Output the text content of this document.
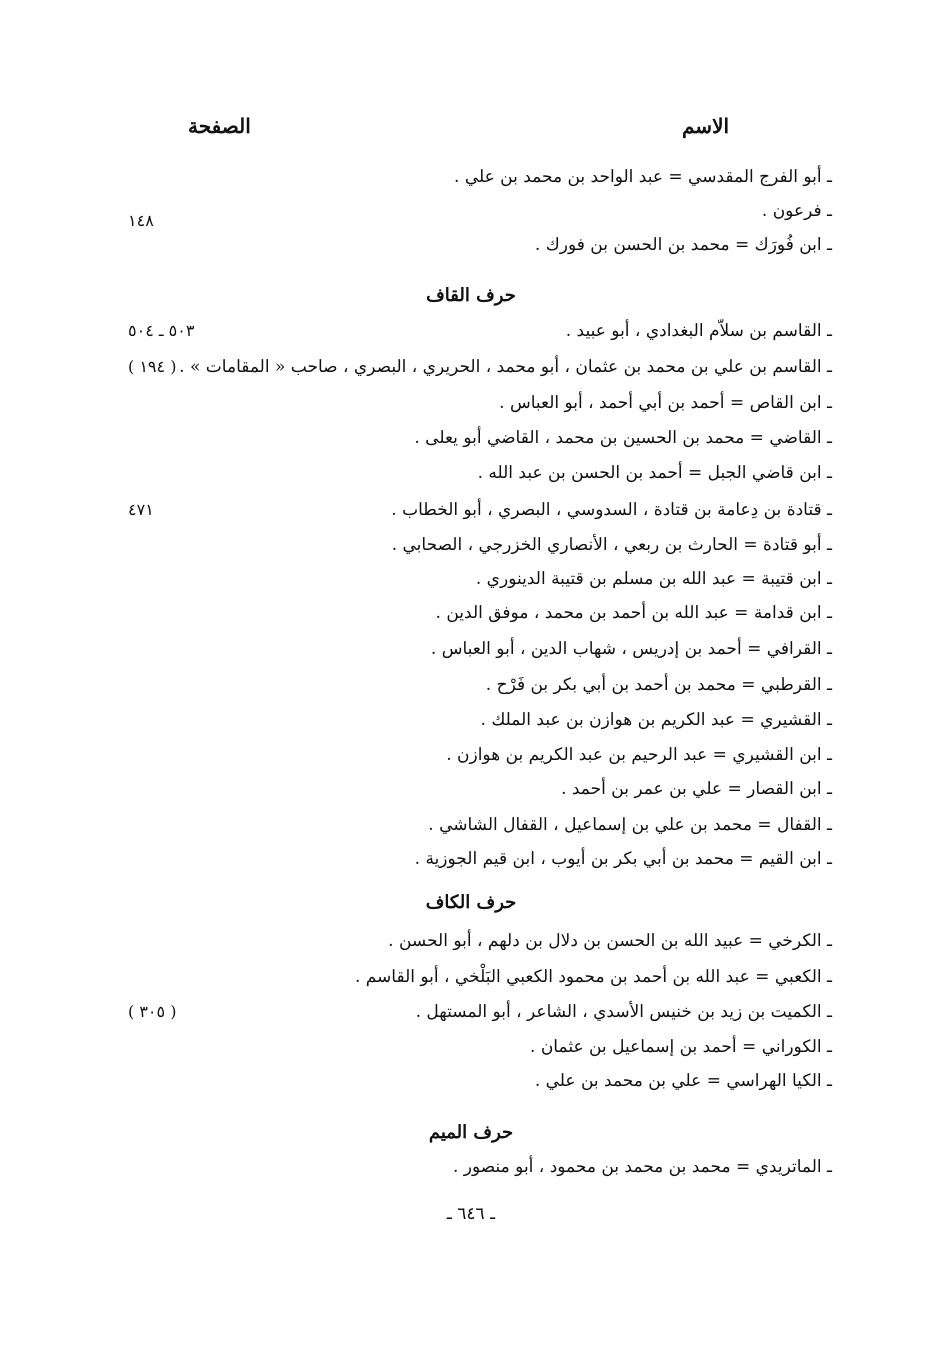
الاسم
الصفحة
ـ أبو الفرج المقدسي = عبد الواحد بن محمد بن علي .
ـ فرعون .
١٤٨
ـ ابن فُورَك = محمد بن الحسن بن فورك .
حرف القاف
ـ القاسم بن سلاّم البغدادي ، أبو عبيد .
٥٠٣ ـ ٥٠٤
ـ القاسم بن علي بن محمد بن عثمان ، أبو محمد ، الحريري ، البصري ، صاحب « المقامات » .
( ١٩٤ )
ـ ابن القاص = أحمد بن أبي أحمد ، أبو العباس .
ـ القاضي = محمد بن الحسين بن محمد ، القاضي أبو يعلى .
ـ ابن قاضي الجبل = أحمد بن الحسن بن عبد الله .
ـ قتادة بن دِعامة بن قتادة ، السدوسي ، البصري ، أبو الخطاب .
٤٧١
ـ أبو قتادة = الحارث بن ربعي ، الأنصاري الخزرجي ، الصحابي .
ـ ابن قتيبة = عبد الله بن مسلم بن قتيبة الدينوري .
ـ ابن قدامة = عبد الله بن أحمد بن محمد ، موفق الدين .
ـ القرافي = أحمد بن إدريس ، شهاب الدين ، أبو العباس .
ـ القرطبي = محمد بن أحمد بن أبي بكر بن فَرْح .
ـ القشيري = عبد الكريم بن هوازن بن عبد الملك .
ـ ابن القشيري = عبد الرحيم بن عبد الكريم بن هوازن .
ـ ابن القصار = علي بن عمر بن أحمد .
ـ القفال = محمد بن علي بن إسماعيل ، القفال الشاشي .
ـ ابن القيم = محمد بن أبي بكر بن أيوب ، ابن قيم الجوزية .
حرف الكاف
ـ الكرخي = عبيد الله بن الحسن بن دلال بن دلهم ، أبو الحسن .
ـ الكعبي = عبد الله بن أحمد بن محمود الكعبي البَلْخي ، أبو القاسم .
ـ الكميت بن زيد بن خنيس الأسدي ، الشاعر ، أبو المستهل .
( ٣٠٥ )
ـ الكوراني = أحمد بن إسماعيل بن عثمان .
ـ الكيا الهراسي = علي بن محمد بن علي .
حرف الميم
ـ الماتريدي = محمد بن محمد بن محمود ، أبو منصور .
ـ ٦٤٦ ـ
